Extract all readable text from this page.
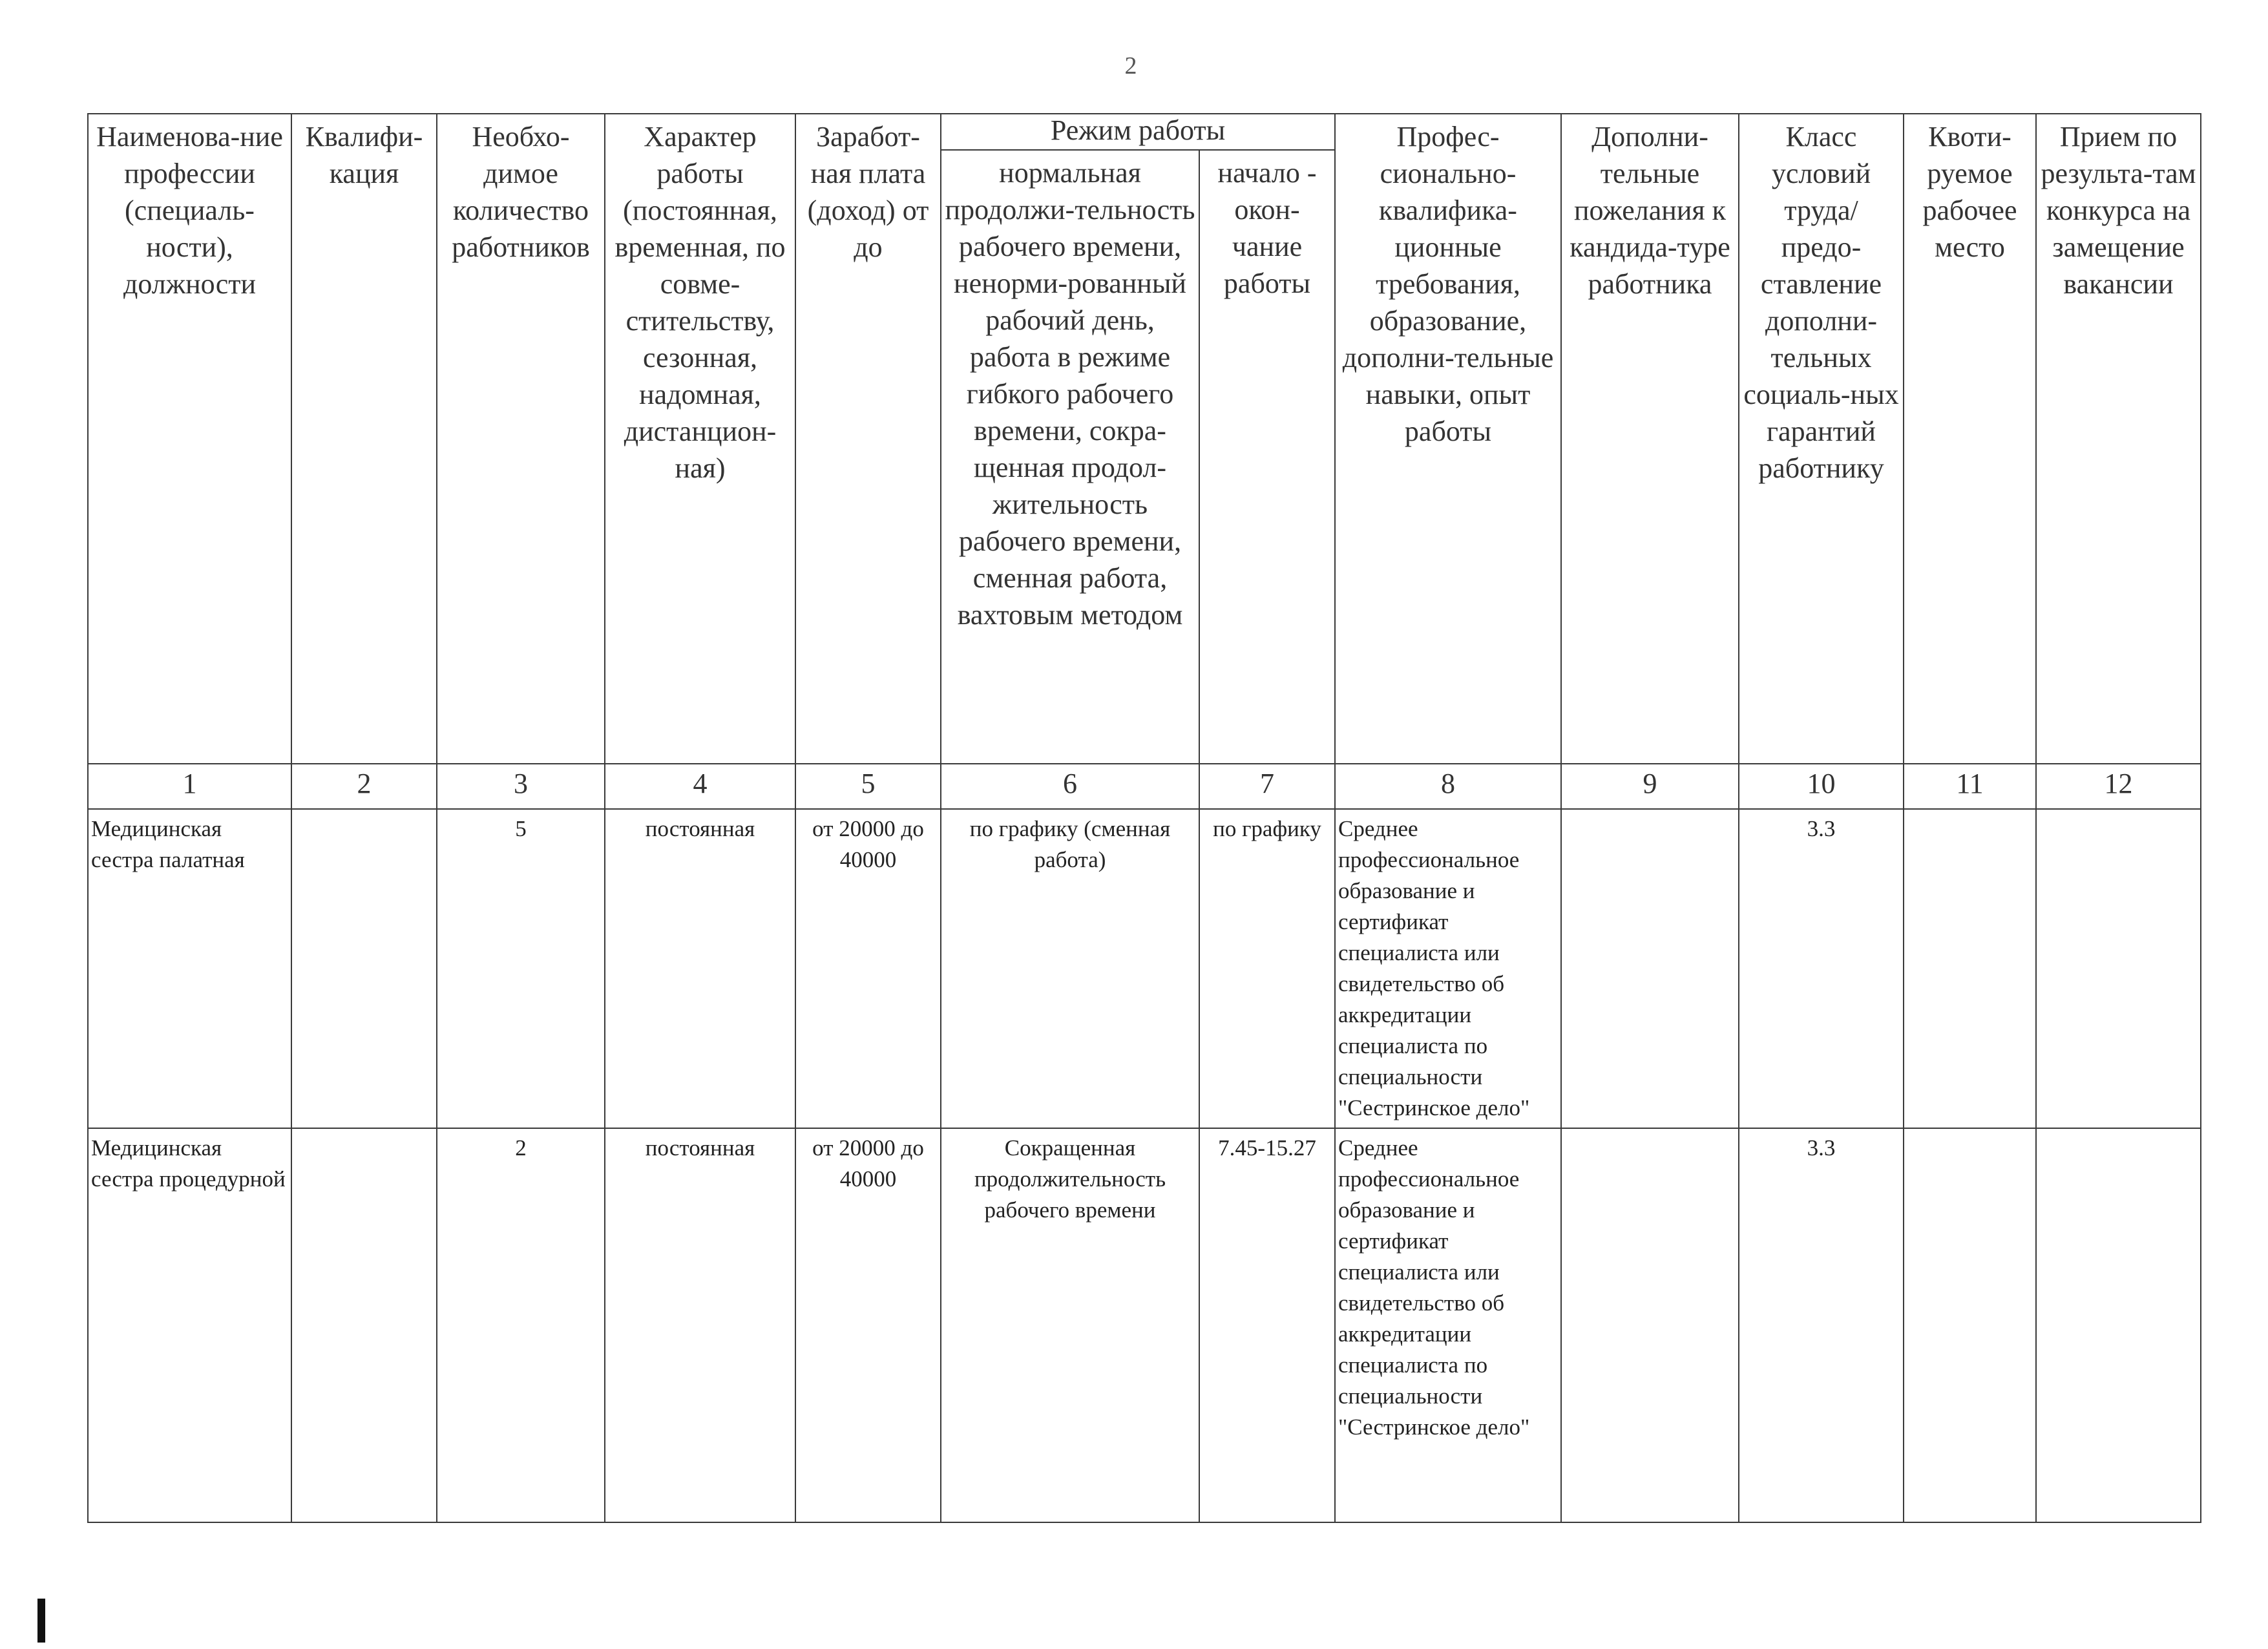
2
Наименова-ние профессии (специаль-ности), должности	Квалифи-кация	Необхо-димое количество работников	Характер работы (постоянная, временная, по совме-стительству, сезонная, надомная, дистанцион-ная)	Заработ-ная плата (доход) от до	Режим работы		Профес-сионально-квалифика-ционные требования, образование, дополни-тельные навыки, опыт работы	Дополни-тельные пожелания к кандида-туре работника	Класс условий труда/ предо-ставление дополни-тельных социаль-ных гарантий работнику	Квоти-руемое рабочее место	Прием по результа-там конкурса на замещение вакансии
					нормальная продолжи-тельность рабочего времени, ненорми-рованный рабочий день, работа в режиме гибкого рабочего времени, сокра-щенная продол-жительность рабочего времени, сменная работа, вахтовым методом	начало - окон-чание работы					
1	2	3	4	5	6	7	8	9	10	11	12
Медицинская сестра палатная		5	постоянная	от 20000 до 40000	по графику (сменная работа)	по графику	Среднее профессиональное образование и сертификат специалиста или свидетельство об аккредитации специалиста по специальности "Сестринское дело"		3.3		
Медицинская сестра процедурной		2	постоянная	от 20000 до 40000	Сокращенная продолжительность рабочего времени	7.45-15.27	Среднее профессиональное образование и сертификат специалиста или свидетельство об аккредитации специалиста по специальности "Сестринское дело"		3.3		
